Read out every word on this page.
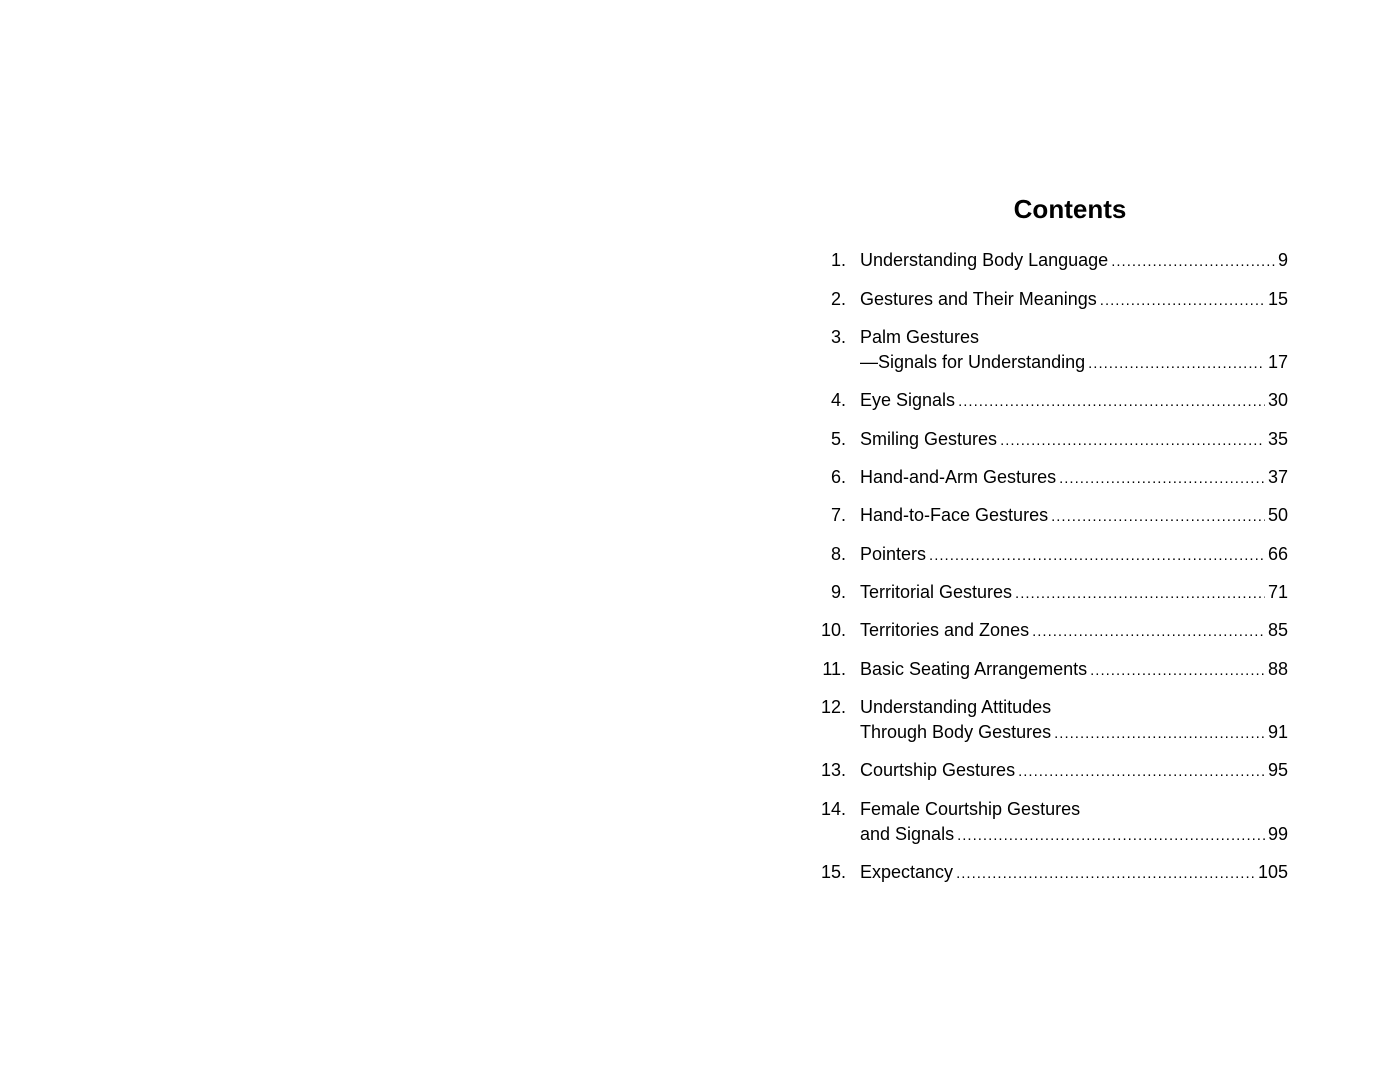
Contents
1. Understanding Body Language .....	9
2. Gestures and Their Meanings .....	15
3. Palm Gestures
—Signals for Understanding .....	17
4. Eye Signals .....	30
5. Smiling Gestures .....	35
6. Hand-and-Arm Gestures .....	37
7. Hand-to-Face Gestures .....	50
8. Pointers .....	66
9. Territorial Gestures .....	71
10. Territories and Zones .....	85
11. Basic Seating Arrangements .....	88
12. Understanding Attitudes
Through Body Gestures .....	91
13. Courtship Gestures .....	95
14. Female Courtship Gestures
and Signals .....	99
15. Expectancy .....	105
